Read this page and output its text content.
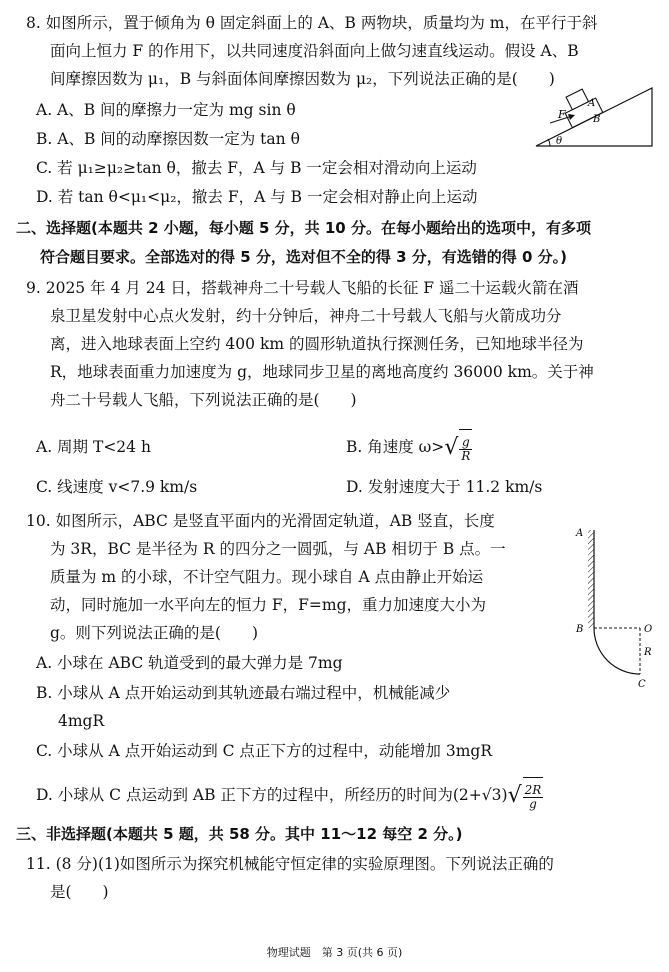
8. 如图所示，置于倾角为 θ 固定斜面上的 A、B 两物块，质量均为 m，在平行于斜
面向上恒力 F 的作用下，以共同速度沿斜面向上做匀速直线运动。假设 A、B
间摩擦因数为 μ₁，B 与斜面体间摩擦因数为 μ₂，下列说法正确的是(　　)
A. A、B 间的摩擦力一定为 mg sin θ
B. A、B 间的动摩擦因数一定为 tan θ
C. 若 μ₁≥μ₂≥tan θ，撤去 F，A 与 B 一定会相对滑动向上运动
D. 若 tan θ<μ₁<μ₂，撤去 F，A 与 B 一定会相对静止向上运动
F
A
B
θ
二、选择题(本题共 2 小题，每小题 5 分，共 10 分。在每小题给出的选项中，有多项
符合题目要求。全部选对的得 5 分，选对但不全的得 3 分，有选错的得 0 分。)
9. 2025 年 4 月 24 日，搭载神舟二十号载人飞船的长征 F 遥二十运载火箭在酒
泉卫星发射中心点火发射，约十分钟后，神舟二十号载人飞船与火箭成功分
离，进入地球表面上空约 400 km 的圆形轨道执行探测任务，已知地球半径为
R，地球表面重力加速度为 g，地球同步卫星的离地高度约 36000 km。关于神
舟二十号载人飞船，下列说法正确的是(　　)
A. 周期 T<24 h	B. 角速度 $\omega>√ \frac{g}{R}$
C. 线速度 v<7.9 km/s	D. 发射速度大于 11.2 km/s
10. 如图所示，ABC 是竖直平面内的光滑固定轨道，AB 竖直，长度
为 3R，BC 是半径为 R 的四分之一圆弧，与 AB 相切于 B 点。一
质量为 m 的小球，不计空气阻力。现小球自 A 点由静止开始运
动，同时施加一水平向左的恒力 F，F=mg，重力加速度大小为
g。则下列说法正确的是(　　)
A. 小球在 ABC 轨道受到的最大弹力是 7mg
B. 小球从 A 点开始运动到其轨迹最右端过程中，机械能减少
4mgR
C. 小球从 A 点开始运动到 C 点正下方的过程中，动能增加 3mgR
D. 小球从 C 点运动到 AB 正下方的过程中，所经历的时间为$(2+√3)√ \frac{2R}{g}$
A
B	O
R
C
三、非选择题(本题共 5 题，共 58 分。其中 11～12 每空 2 分。)
11. (8 分)(1)如图所示为探究机械能守恒定律的实验原理图。下列说法正确的
是(　　)
物理试题　第 3 页(共 6 页)
